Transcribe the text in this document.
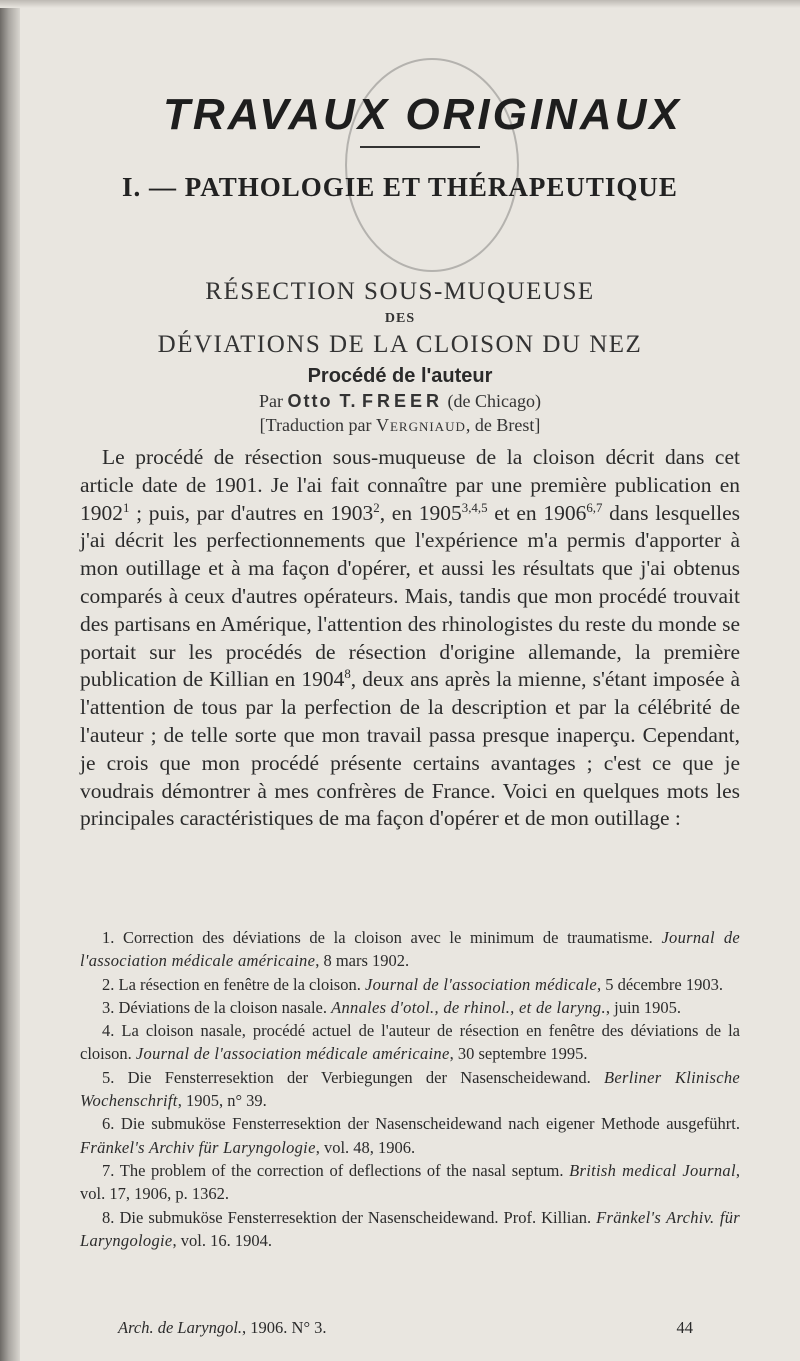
TRAVAUX ORIGINAUX
I. — PATHOLOGIE ET THÉRAPEUTIQUE
RÉSECTION SOUS-MUQUEUSE
DES
DÉVIATIONS DE LA CLOISON DU NEZ
Procédé de l'auteur
Par Otto T. FREER (de Chicago)
[Traduction par Vergniaud, de Brest]

Le procédé de résection sous-muqueuse de la cloison décrit dans cet article date de 1901. Je l'ai fait connaître par une première publication en 1902$^1$ ; puis, par d'autres en 1903$^2$, en 1905$^{3,4,5}$ et en 1906$^{6,7}$ dans lesquelles j'ai décrit les perfectionnements que l'expérience m'a permis d'apporter à mon outillage et à ma façon d'opérer, et aussi les résultats que j'ai obtenus comparés à ceux d'autres opérateurs. Mais, tandis que mon procédé trouvait des partisans en Amérique, l'attention des rhinologistes du reste du monde se portait sur les procédés de résection d'origine allemande, la première publication de Killian en 1904$^8$, deux ans après la mienne, s'étant imposée à l'attention de tous par la perfection de la description et par la célébrité de l'auteur ; de telle sorte que mon travail passa presque inaperçu. Cependant, je crois que mon procédé présente certains avantages ; c'est ce que je voudrais démontrer à mes confrères de France. Voici en quelques mots les principales caractéristiques de ma façon d'opérer et de mon outillage :

1. Correction des déviations de la cloison avec le minimum de traumatisme. Journal de l'association médicale américaine, 8 mars 1902.
2. La résection en fenêtre de la cloison. Journal de l'association médicale, 5 décembre 1903.
3. Déviations de la cloison nasale. Annales d'otol., de rhinol., et de laryng., juin 1905.
4. La cloison nasale, procédé actuel de l'auteur de résection en fenêtre des déviations de la cloison. Journal de l'association médicale américaine, 30 septembre 1995.
5. Die Fensterresektion der Verbiegungen der Nasenscheidewand. Berliner Klinische Wochenschrift, 1905, n° 39.
6. Die submuköse Fensterresektion der Nasenscheidewand nach eigener Methode ausgeführt. Fränkel's Archiv für Laryngologie, vol. 48, 1906.
7. The problem of the correction of deflections of the nasal septum. British medical Journal, vol. 17, 1906, p. 1362.
8. Die submuköse Fensterresektion der Nasenscheidewand. Prof. Killian. Fränkel's Archiv. für Laryngologie, vol. 16. 1904.
Arch. de Laryngol., 1906. N° 3.	44
